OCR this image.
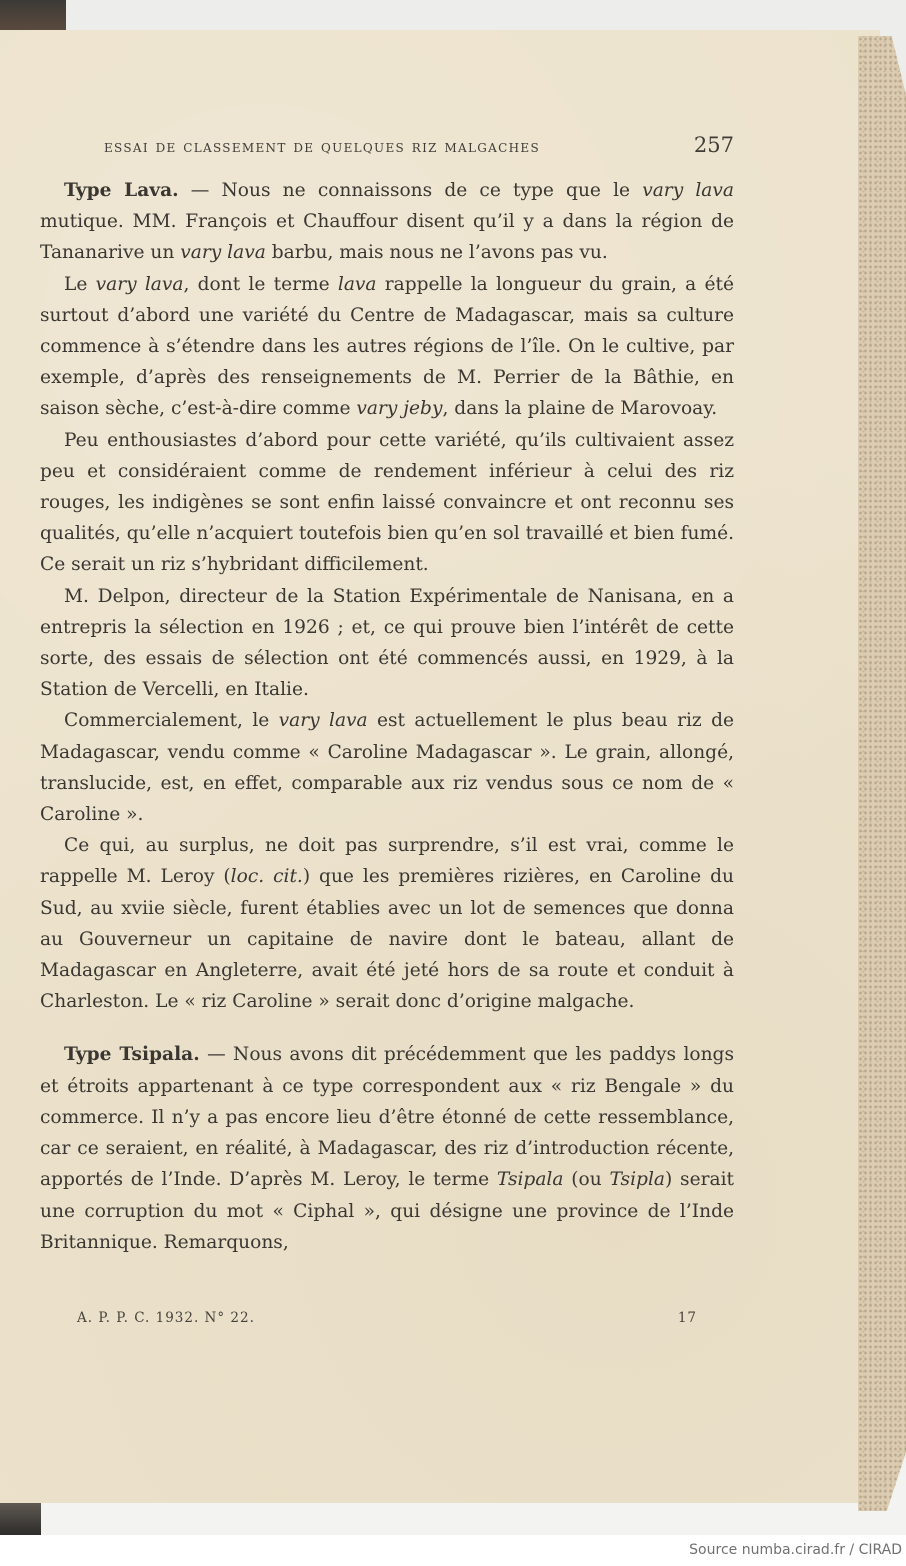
essai de classement de quelques riz malgaches	257

Type Lava. — Nous ne connaissons de ce type que le vary lava mutique. MM. François et Chauffour disent qu’il y a dans la région de Tananarive un vary lava barbu, mais nous ne l’avons pas vu.

Le vary lava, dont le terme lava rappelle la longueur du grain, a été surtout d’abord une variété du Centre de Madagascar, mais sa culture commence à s’étendre dans les autres régions de l’île. On le cultive, par exemple, d’après des renseignements de M. Perrier de la Bâthie, en saison sèche, c’est-à-dire comme vary jeby, dans la plaine de Marovoay.

Peu enthousiastes d’abord pour cette variété, qu’ils cultivaient assez peu et considéraient comme de rendement inférieur à celui des riz rouges, les indigènes se sont enfin laissé convaincre et ont reconnu ses qualités, qu’elle n’acquiert toutefois bien qu’en sol travaillé et bien fumé. Ce serait un riz s’hybridant difficilement.

M. Delpon, directeur de la Station Expérimentale de Nanisana, en a entrepris la sélection en 1926 ; et, ce qui prouve bien l’intérêt de cette sorte, des essais de sélection ont été commencés aussi, en 1929, à la Station de Vercelli, en Italie.

Commercialement, le vary lava est actuellement le plus beau riz de Madagascar, vendu comme « Caroline Madagascar ». Le grain, allongé, translucide, est, en effet, comparable aux riz vendus sous ce nom de « Caroline ».

Ce qui, au surplus, ne doit pas surprendre, s’il est vrai, comme le rappelle M. Leroy (loc. cit.) que les premières rizières, en Caroline du Sud, au xviie siècle, furent établies avec un lot de semences que donna au Gouverneur un capitaine de navire dont le bateau, allant de Madagascar en Angleterre, avait été jeté hors de sa route et conduit à Charleston. Le « riz Caroline » serait donc d’origine malgache.

Type Tsipala. — Nous avons dit précédemment que les paddys longs et étroits appartenant à ce type correspondent aux « riz Bengale » du commerce. Il n’y a pas encore lieu d’être étonné de cette ressemblance, car ce seraient, en réalité, à Madagascar, des riz d’introduction récente, apportés de l’Inde. D’après M. Leroy, le terme Tsipala (ou Tsipla) serait une corruption du mot « Ciphal », qui désigne une province de l’Inde Britannique. Remarquons,

A. P. P. C. 1932. N° 22.	17
Source numba.cirad.fr / CIRAD
